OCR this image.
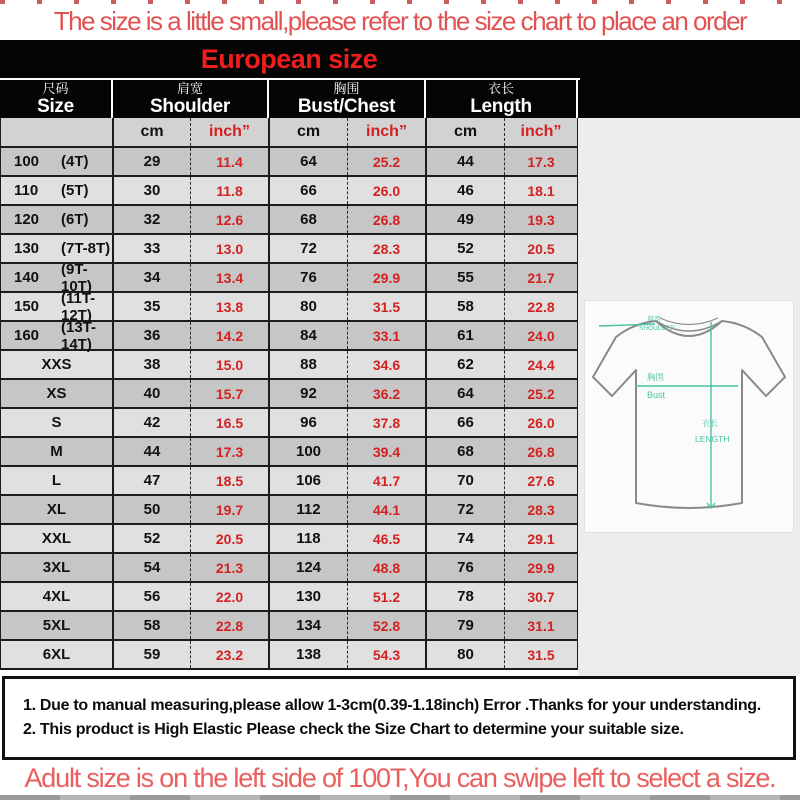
The size is a little small,please refer to the size chart to place an order
European size
尺码
Size
肩宽
Shoulder
胸围
Bust/Chest
衣长
Length
cm	inch”	cm	inch”	cm	inch”
100	(4T)	29	11.4	64	25.2	44	17.3
110	(5T)	30	11.8	66	26.0	46	18.1
120	(6T)	32	12.6	68	26.8	49	19.3
130	(7T-8T)	33	13.0	72	28.3	52	20.5
140	(9T-10T)	34	13.4	76	29.9	55	21.7
150	(11T-12T)	35	13.8	80	31.5	58	22.8
160	(13T-14T)	36	14.2	84	33.1	61	24.0
XXS	38	15.0	88	34.6	62	24.4
XS	40	15.7	92	36.2	64	25.2
S	42	16.5	96	37.8	66	26.0
M	44	17.3	100	39.4	68	26.8
L	47	18.5	106	41.7	70	27.6
XL	50	19.7	112	44.1	72	28.3
XXL	52	20.5	118	46.5	74	29.1
3XL	54	21.3	124	48.8	76	29.9
4XL	56	22.0	130	51.2	78	30.7
5XL	58	22.8	134	52.8	79	31.1
6XL	59	23.2	138	54.3	80	31.5
肩宽
SHOULDER
胸围
Bust
衣长
LENGTH
1. Due to manual measuring,please allow 1-3cm(0.39-1.18inch) Error .Thanks for your understanding.
2. This product is High Elastic Please check the Size Chart to determine your suitable size.
Adult size is on the left side of 100T,You can swipe left to select a size.
